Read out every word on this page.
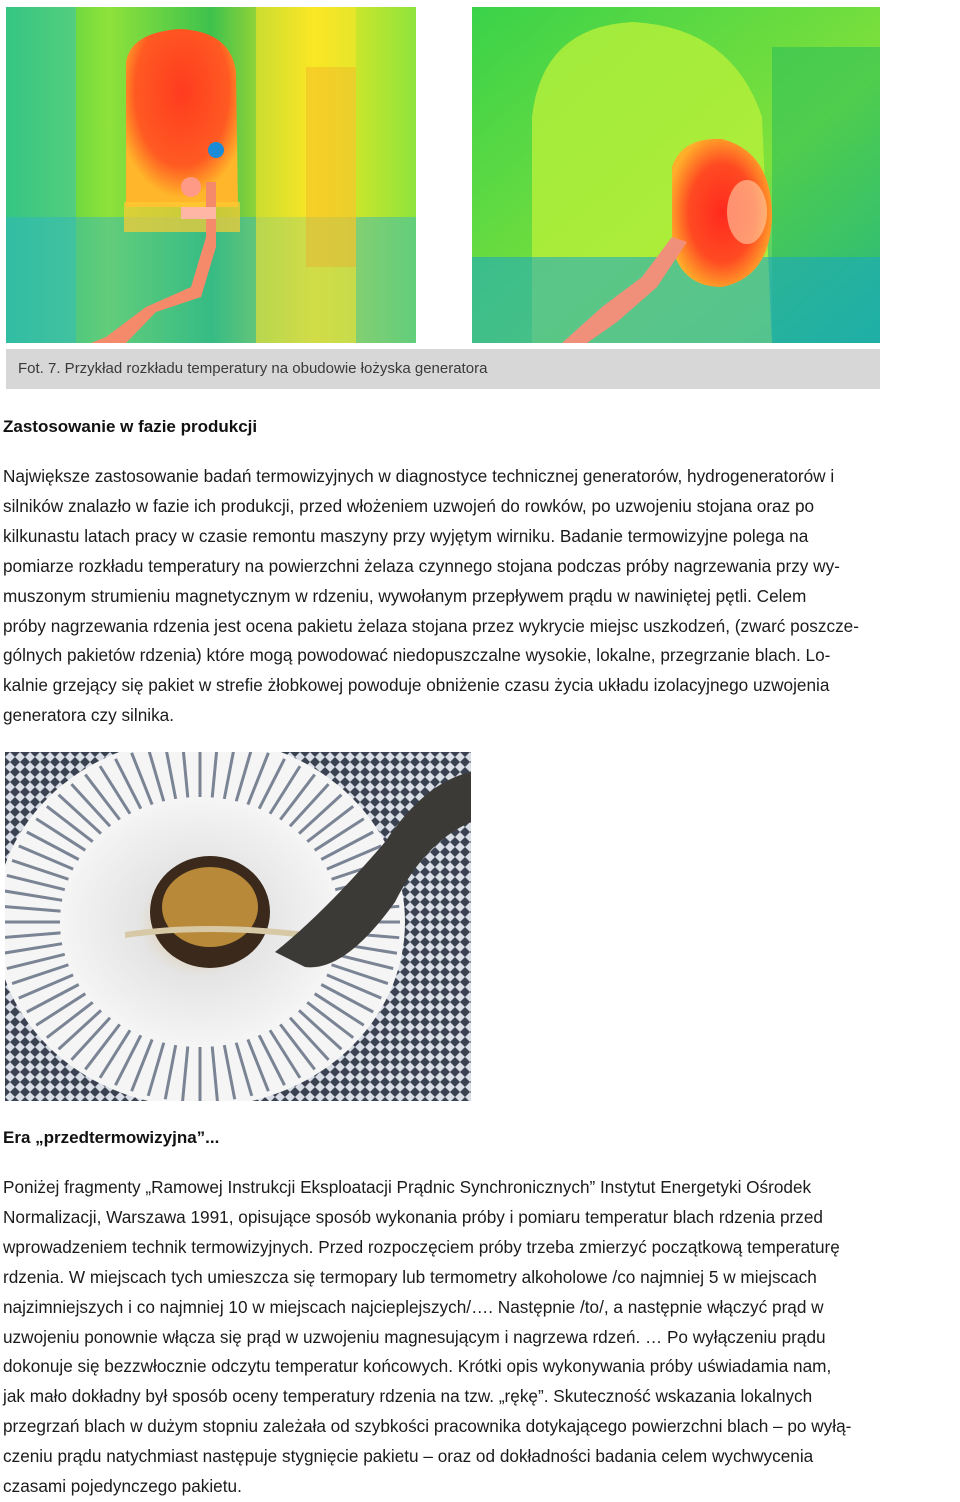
Fot. 7. Przykład rozkładu temperatury na obudowie łożyska generatora
Zastosowanie w fazie produkcji
Największe zastosowanie badań termowizyjnych w diagnostyce technicznej generatorów, hydrogeneratorów i
silników znalazło w fazie ich produkcji, przed włożeniem uzwojeń do rowków, po uzwojeniu stojana oraz po
kilkunastu latach pracy w czasie remontu maszyny przy wyjętym wirniku. Badanie termowizyjne polega na
pomiarze rozkładu temperatury na powierzchni żelaza czynnego stojana podczas próby nagrzewania przy wy-
muszonym strumieniu magnetycznym w rdzeniu, wywołanym przepływem prądu w nawiniętej pętli. Celem
próby nagrzewania rdzenia jest ocena pakietu żelaza stojana przez wykrycie miejsc uszkodzeń, (zwarć poszcze-
gólnych pakietów rdzenia) które mogą powodować niedopuszczalne wysokie, lokalne, przegrzanie blach. Lo-
kalnie grzejący się pakiet w strefie żłobkowej powoduje obniżenie czasu życia układu izolacyjnego uzwojenia
generatora czy silnika.
Era „przedtermowizyjna”...
Poniżej fragmenty „Ramowej Instrukcji Eksploatacji Prądnic Synchronicznych” Instytut Energetyki Ośrodek
Normalizacji, Warszawa 1991, opisujące sposób wykonania próby i pomiaru temperatur blach rdzenia przed
wprowadzeniem technik termowizyjnych. Przed rozpoczęciem próby trzeba zmierzyć początkową temperaturę
rdzenia. W miejscach tych umieszcza się termopary lub termometry alkoholowe /co najmniej 5 w miejscach
najzimniejszych i co najmniej 10 w miejscach najcieplejszych/…. Następnie /to/, a następnie włączyć prąd w
uzwojeniu ponownie włącza się prąd w uzwojeniu magnesującym i nagrzewa rdzeń. … Po wyłączeniu prądu
dokonuje się bezzwłocznie odczytu temperatur końcowych. Krótki opis wykonywania próby uświadamia nam,
jak mało dokładny był sposób oceny temperatury rdzenia na tzw. „rękę”. Skuteczność wskazania lokalnych
przegrzań blach w dużym stopniu zależała od szybkości pracownika dotykającego powierzchni blach – po wyłą-
czeniu prądu natychmiast następuje stygnięcie pakietu – oraz od dokładności badania celem wychwycenia
czasami pojedynczego pakietu.
